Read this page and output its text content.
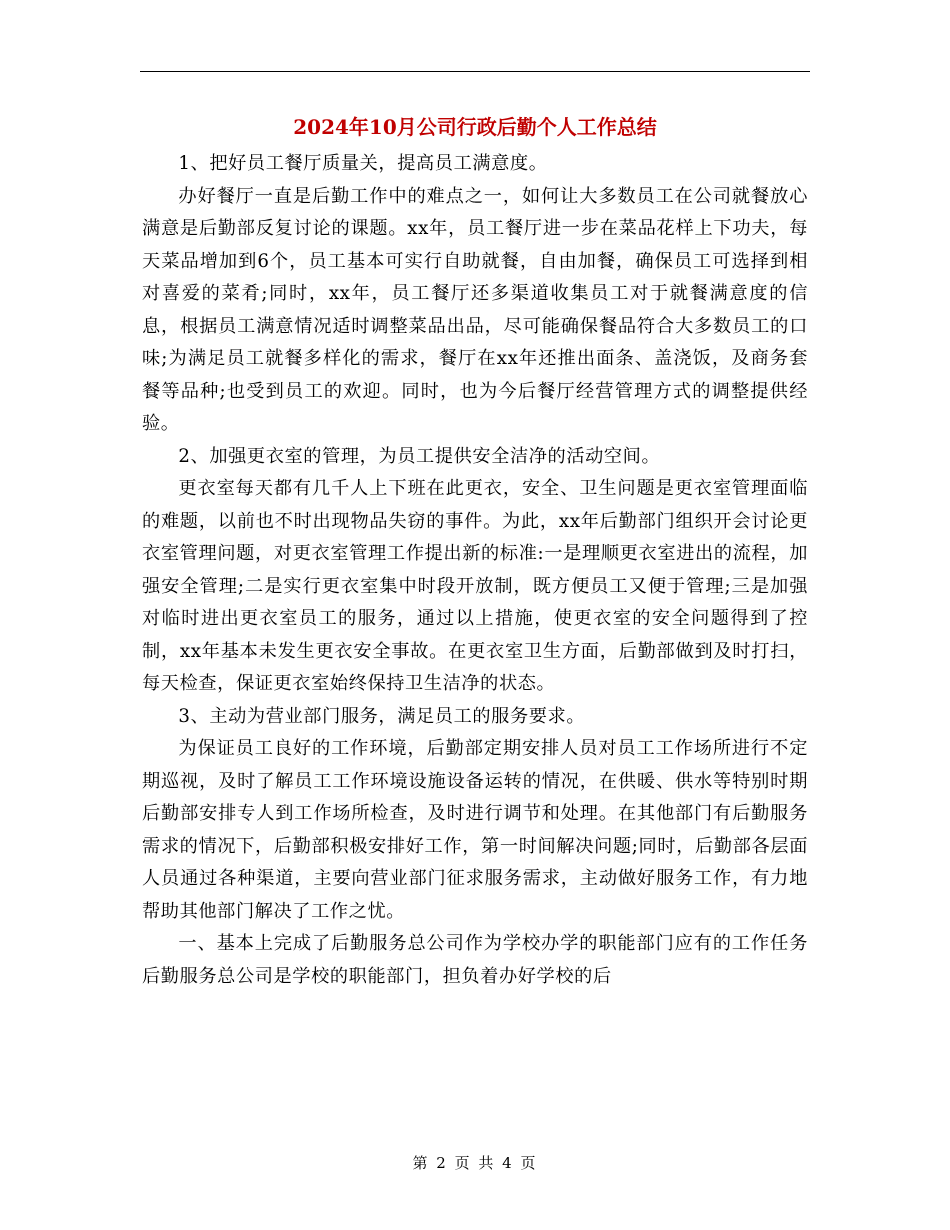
2024年10月公司行政后勤个人工作总结

1、把好员工餐厅质量关，提高员工满意度。

办好餐厅一直是后勤工作中的难点之一，如何让大多数员工在公司就餐放心满意是后勤部反复讨论的课题。xx年，员工餐厅进一步在菜品花样上下功夫，每天菜品增加到6个，员工基本可实行自助就餐，自由加餐，确保员工可选择到相对喜爱的菜肴;同时，xx年，员工餐厅还多渠道收集员工对于就餐满意度的信息，根据员工满意情况适时调整菜品出品，尽可能确保餐品符合大多数员工的口味;为满足员工就餐多样化的需求，餐厅在xx年还推出面条、盖浇饭，及商务套餐等品种;也受到员工的欢迎。同时，也为今后餐厅经营管理方式的调整提供经验。

2、加强更衣室的管理，为员工提供安全洁净的活动空间。

更衣室每天都有几千人上下班在此更衣，安全、卫生问题是更衣室管理面临的难题，以前也不时出现物品失窃的事件。为此，xx年后勤部门组织开会讨论更衣室管理问题，对更衣室管理工作提出新的标准:一是理顺更衣室进出的流程，加强安全管理;二是实行更衣室集中时段开放制，既方便员工又便于管理;三是加强对临时进出更衣室员工的服务，通过以上措施，使更衣室的安全问题得到了控制，xx年基本未发生更衣安全事故。在更衣室卫生方面，后勤部做到及时打扫，每天检查，保证更衣室始终保持卫生洁净的状态。

3、主动为营业部门服务，满足员工的服务要求。

为保证员工良好的工作环境，后勤部定期安排人员对员工工作场所进行不定期巡视，及时了解员工工作环境设施设备运转的情况，在供暖、供水等特别时期后勤部安排专人到工作场所检查，及时进行调节和处理。在其他部门有后勤服务需求的情况下，后勤部积极安排好工作，第一时间解决问题;同时，后勤部各层面人员通过各种渠道，主要向营业部门征求服务需求，主动做好服务工作，有力地帮助其他部门解决了工作之忧。

一、基本上完成了后勤服务总公司作为学校办学的职能部门应有的工作任务后勤服务总公司是学校的职能部门，担负着办好学校的后

第 2 页 共 4 页
